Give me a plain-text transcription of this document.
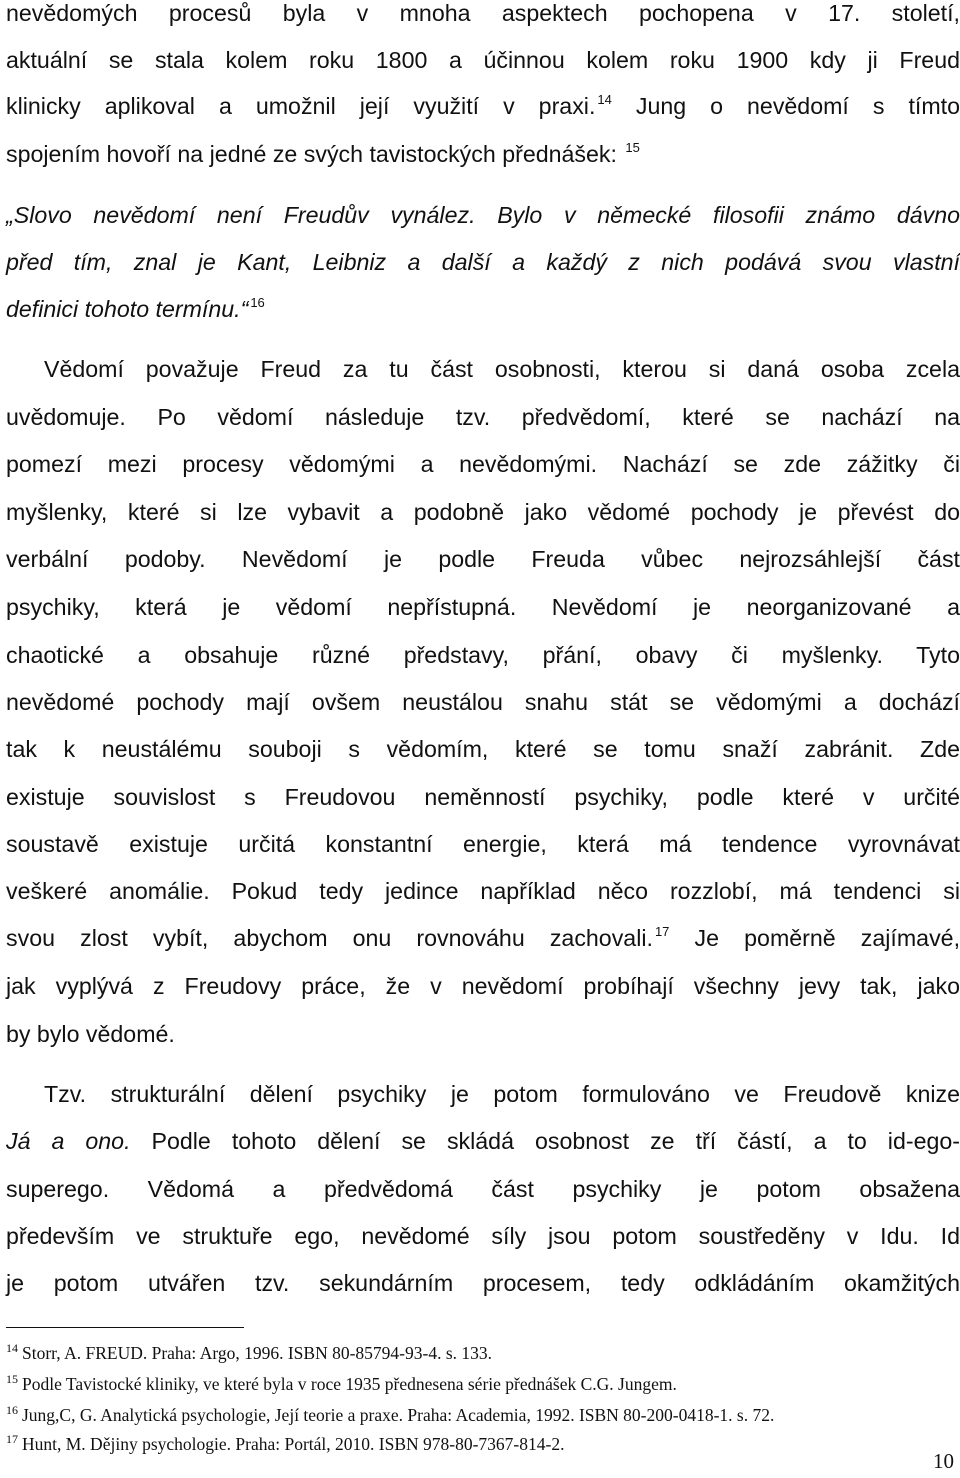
nevědomých procesů byla v mnoha aspektech pochopena v 17. století,
aktuální se stala kolem roku 1800 a účinnou kolem roku 1900 kdy ji Freud
klinicky aplikoval a umožnil její využití v praxi. $^{14}$ Jung o nevědomí s tímto
spojením hovoří na jedné ze svých tavistockých přednášek: $^{15}$
„Slovo nevědomí není Freudův vynález. Bylo v německé filosofii známo dávno
před tím, znal je Kant, Leibniz a další a každý z nich podává svou vlastní
definici tohoto termínu.“ $^{16}$
Vědomí považuje Freud za tu část osobnosti, kterou si daná osoba zcela
uvědomuje. Po vědomí následuje tzv. předvědomí, které se nachází na
pomezí mezi procesy vědomými a nevědomými. Nachází se zde zážitky či
myšlenky, které si lze vybavit a podobně jako vědomé pochody je převést do
verbální podoby. Nevědomí je podle Freuda vůbec nejrozsáhlejší část
psychiky, která je vědomí nepřístupná. Nevědomí je neorganizované a
chaotické a obsahuje různé představy, přání, obavy či myšlenky. Tyto
nevědomé pochody mají ovšem neustálou snahu stát se vědomými a dochází
tak k neustálému souboji s vědomím, které se tomu snaží zabránit. Zde
existuje souvislost s Freudovou neměnností psychiky, podle které v určité
soustavě existuje určitá konstantní energie, která má tendence vyrovnávat
veškeré anomálie. Pokud tedy jedince například něco rozzlobí, má tendenci si
svou zlost vybít, abychom onu rovnováhu zachovali. $^{17}$ Je poměrně zajímavé,
jak vyplývá z Freudovy práce, že v nevědomí probíhají všechny jevy tak, jako
by bylo vědomé.
Tzv. strukturální dělení psychiky je potom formulováno ve Freudově knize
Já a ono. Podle tohoto dělení se skládá osobnost ze tří částí, a to id-ego-
superego. Vědomá a předvědomá část psychiky je potom obsažena
především ve struktuře ego, nevědomé síly jsou potom soustředěny v Idu. Id
je potom utvářen tzv. sekundárním procesem, tedy odkládáním okamžitých
$^{14}$ Storr, A. FREUD. Praha: Argo, 1996. ISBN 80-85794-93-4. s. 133.
$^{15}$ Podle Tavistocké kliniky, ve které byla v roce 1935 přednesena série přednášek C.G. Jungem.
$^{16}$ Jung,C, G. Analytická psychologie, Její teorie a praxe. Praha: Academia, 1992. ISBN 80-200-0418-1. s. 72.
$^{17}$ Hunt, M. Dějiny psychologie. Praha: Portál, 2010. ISBN 978-80-7367-814-2.
10
